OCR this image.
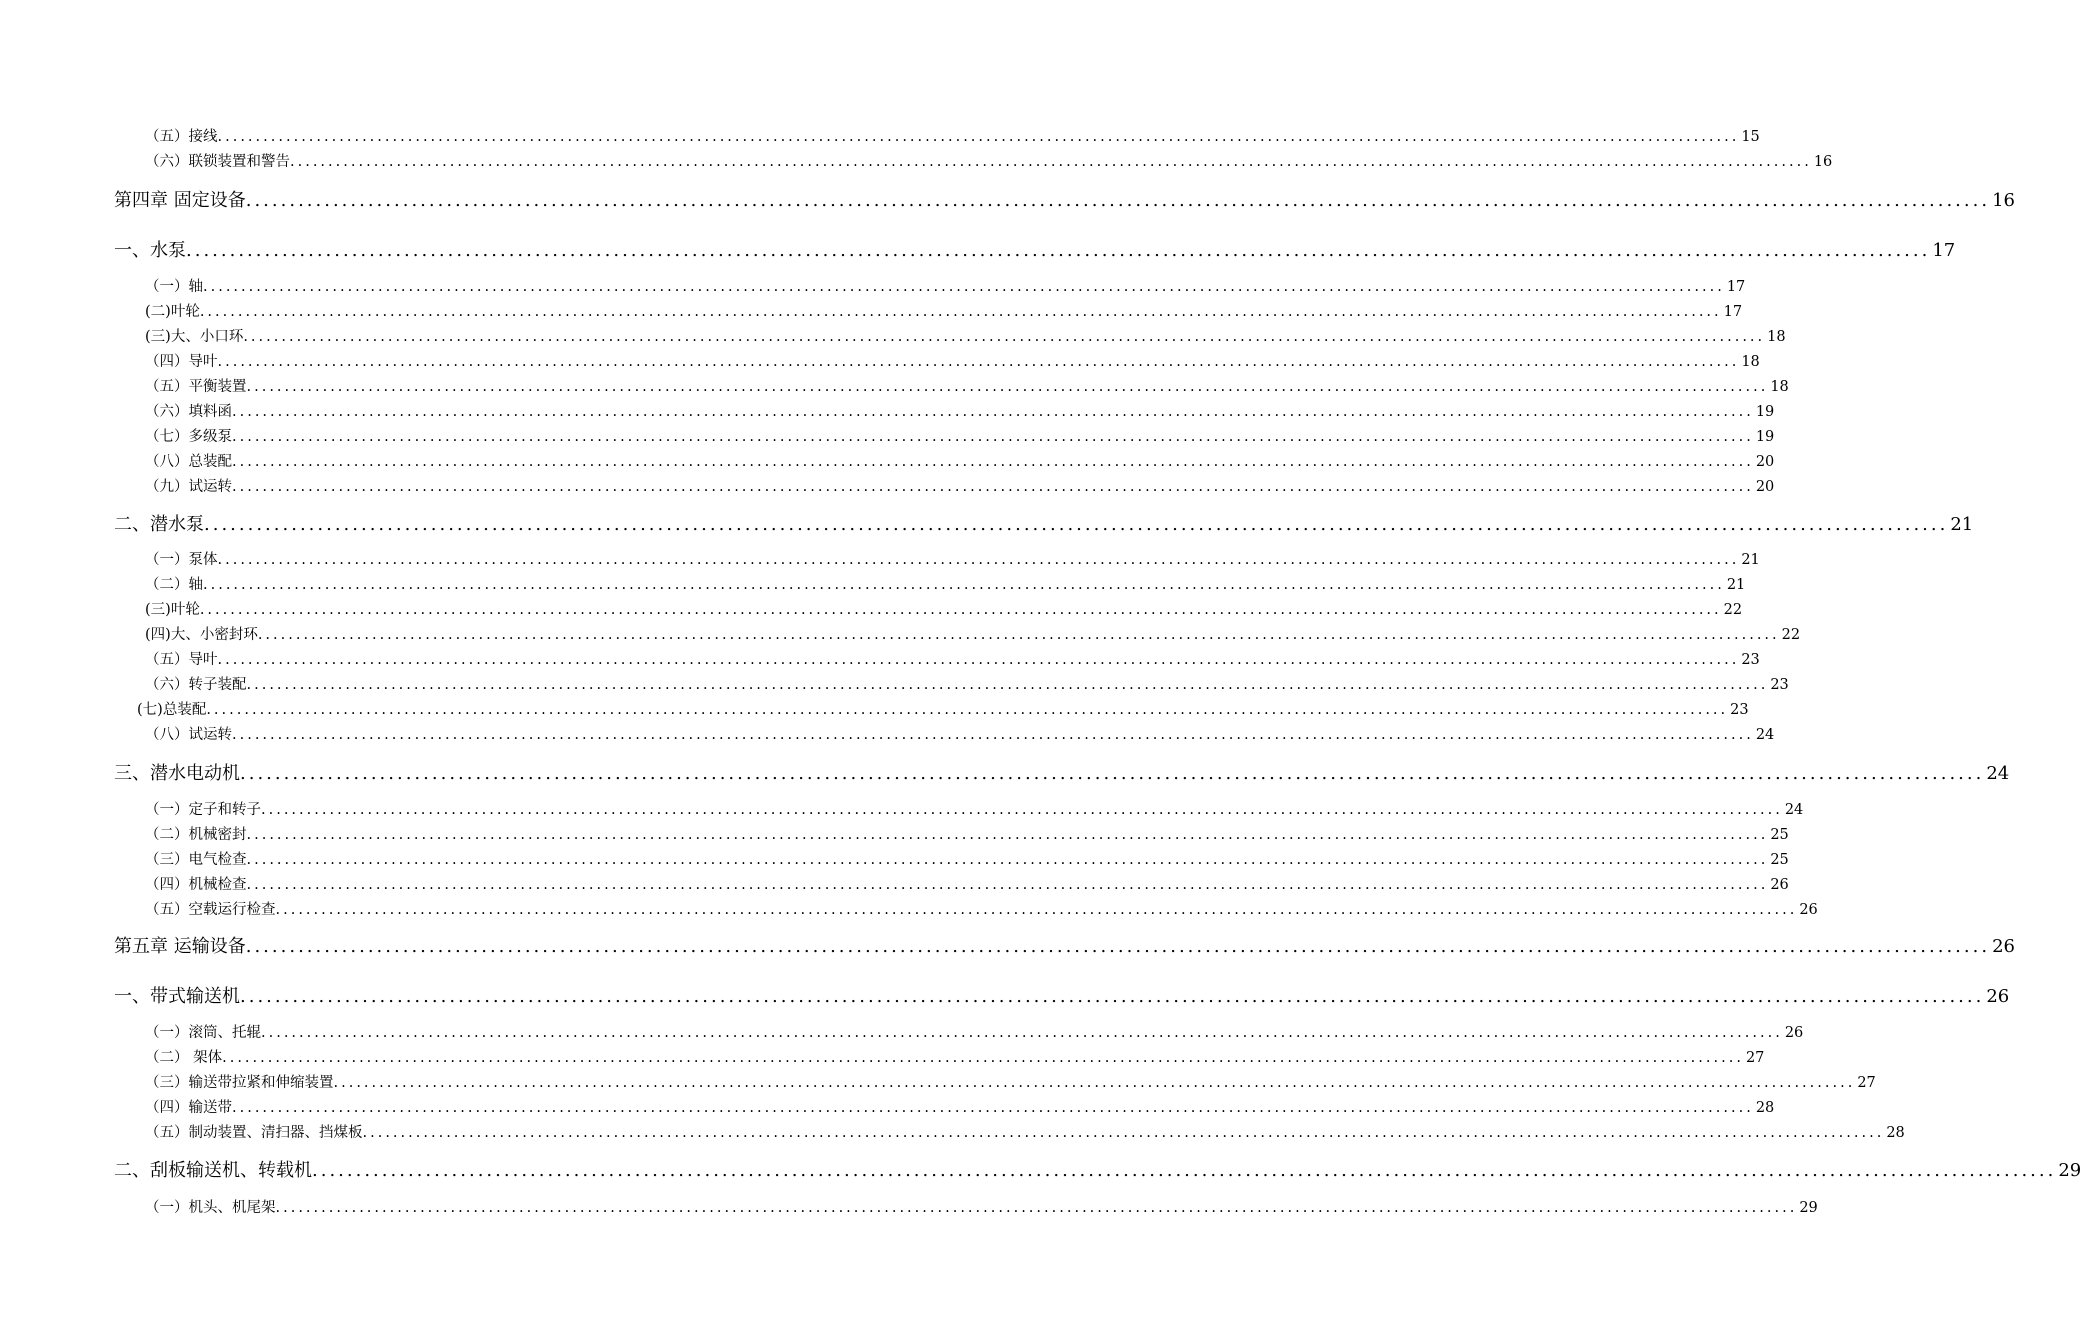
（五）接线 ........................................................................................................................................................................................................ 15
（六）联锁装置和警告 ........................................................................................................................................................................................................ 16
第四章 固定设备 ........................................................................................................................................................................................................ 16
一、水泵 ........................................................................................................................................................................................................ 17
（一）轴 ........................................................................................................................................................................................................ 17
(二)叶轮 ........................................................................................................................................................................................................ 17
(三)大、小口环 ........................................................................................................................................................................................................ 18
（四）导叶 ........................................................................................................................................................................................................ 18
（五）平衡装置 ........................................................................................................................................................................................................ 18
（六）填料函 ........................................................................................................................................................................................................ 19
（七）多级泵 ........................................................................................................................................................................................................ 19
（八）总装配 ........................................................................................................................................................................................................ 20
（九）试运转 ........................................................................................................................................................................................................ 20
二、潜水泵 ........................................................................................................................................................................................................ 21
（一）泵体 ........................................................................................................................................................................................................ 21
（二）轴 ........................................................................................................................................................................................................ 21
(三)叶轮 ........................................................................................................................................................................................................ 22
(四)大、小密封环 ........................................................................................................................................................................................................ 22
（五）导叶 ........................................................................................................................................................................................................ 23
（六）转子装配 ........................................................................................................................................................................................................ 23
(七)总装配 ........................................................................................................................................................................................................ 23
（八）试运转 ........................................................................................................................................................................................................ 24
三、潜水电动机 ........................................................................................................................................................................................................ 24
（一）定子和转子 ........................................................................................................................................................................................................ 24
（二）机械密封 ........................................................................................................................................................................................................ 25
（三）电气检查 ........................................................................................................................................................................................................ 25
（四）机械检查 ........................................................................................................................................................................................................ 26
（五）空载运行检查 ........................................................................................................................................................................................................ 26
第五章 运输设备 ........................................................................................................................................................................................................ 26
一、带式输送机 ........................................................................................................................................................................................................ 26
（一）滚筒、托辊 ........................................................................................................................................................................................................ 26
（二） 架体 ........................................................................................................................................................................................................ 27
（三）输送带拉紧和伸缩装置 ........................................................................................................................................................................................................ 27
（四）输送带 ........................................................................................................................................................................................................ 28
（五）制动装置、清扫器、挡煤板 ........................................................................................................................................................................................................ 28
二、刮板输送机、转载机 ........................................................................................................................................................................................................ 29
（一）机头、机尾架 ........................................................................................................................................................................................................ 29
